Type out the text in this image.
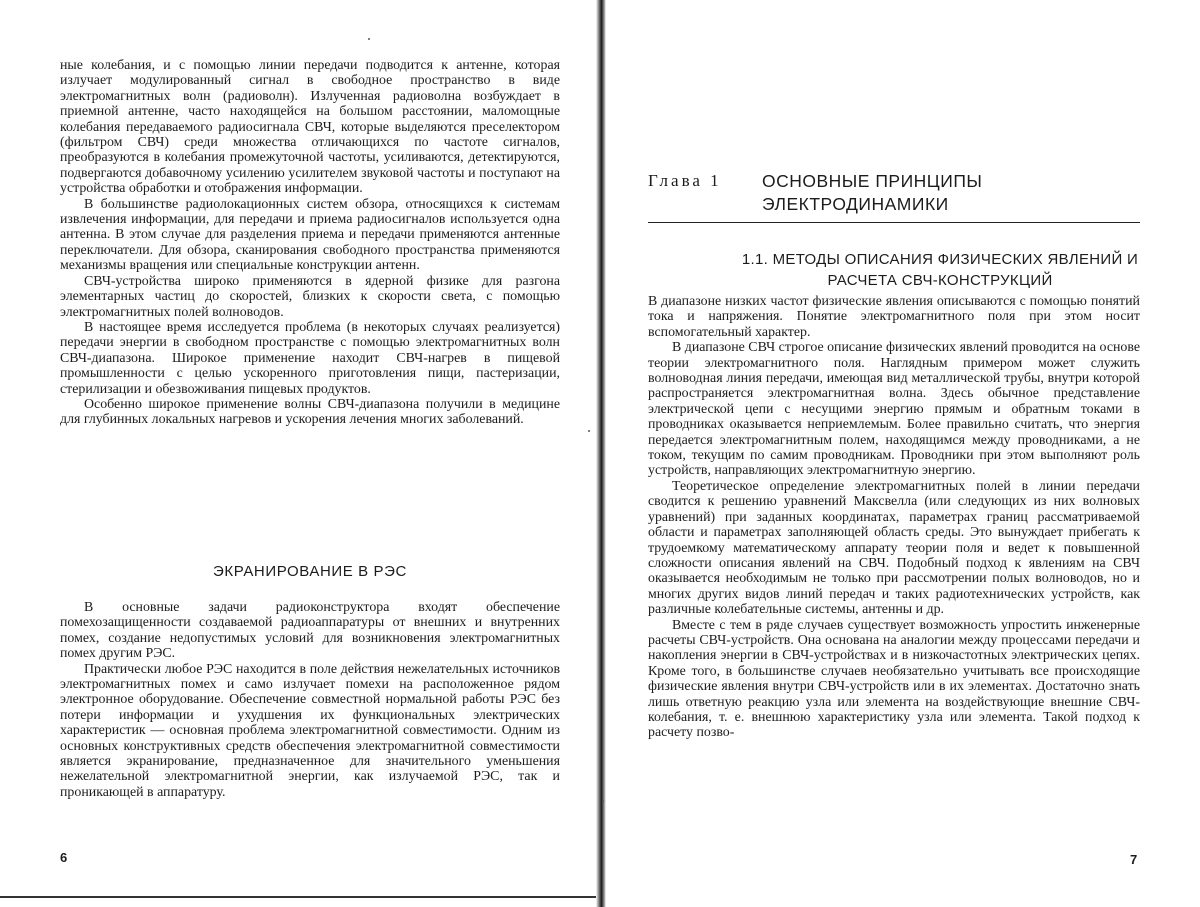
ные колебания, и с помощью линии передачи подводится к антенне, которая излучает модулированный сигнал в свободное пространство в виде электромагнитных волн (радиоволн). Излученная радиоволна возбуждает в приемной антенне, часто находящейся на большом расстоянии, маломощные колебания передаваемого радиосигнала СВЧ, которые выделяются преселектором (фильтром СВЧ) среди множества отличающихся по частоте сигналов, преобразуются в колебания промежуточной частоты, усиливаются, детектируются, подвергаются добавочному усилению усилителем звуковой частоты и поступают на устройства обработки и отображения информации.

В большинстве радиолокационных систем обзора, относящихся к системам извлечения информации, для передачи и приема радиосигналов используется одна антенна. В этом случае для разделения приема и передачи применяются антенные переключатели. Для обзора, сканирования свободного пространства применяются механизмы вращения или специальные конструкции антенн.

СВЧ-устройства широко применяются в ядерной физике для разгона элементарных частиц до скоростей, близких к скорости света, с помощью электромагнитных полей волноводов.

В настоящее время исследуется проблема (в некоторых случаях реализуется) передачи энергии в свободном пространстве с помощью электромагнитных волн СВЧ-диапазона. Широкое применение находит СВЧ-нагрев в пищевой промышленности с целью ускоренного приготовления пищи, пастеризации, стерилизации и обезвоживания пищевых продуктов.

Особенно широкое применение волны СВЧ-диапазона получили в медицине для глубинных локальных нагревов и ускорения лечения многих заболеваний.

ЭКРАНИРОВАНИЕ В РЭС

В основные задачи радиоконструктора входят обеспечение помехозащищенности создаваемой радиоаппаратуры от внешних и внутренних помех, создание недопустимых условий для возникновения электромагнитных помех другим РЭС.

Практически любое РЭС находится в поле действия нежелательных источников электромагнитных помех и само излучает помехи на расположенное рядом электронное оборудование. Обеспечение совместной нормальной работы РЭС без потери информации и ухудшения их функциональных электрических характеристик — основная проблема электромагнитной совместимости. Одним из основных конструктивных средств обеспечения электромагнитной совместимости является экранирование, предназначенное для значительного уменьшения нежелательной электромагнитной энергии, как излучаемой РЭС, так и проникающей в аппаратуру.

6
Глава 1 ОСНОВНЫЕ ПРИНЦИПЫ ЭЛЕКТРОДИНАМИКИ
1.1. МЕТОДЫ ОПИСАНИЯ ФИЗИЧЕСКИХ ЯВЛЕНИЙ И РАСЧЕТА СВЧ-КОНСТРУКЦИЙ

В диапазоне низких частот физические явления описываются с помощью понятий тока и напряжения. Понятие электромагнитного поля при этом носит вспомогательный характер.

В диапазоне СВЧ строгое описание физических явлений проводится на основе теории электромагнитного поля. Наглядным примером может служить волноводная линия передачи, имеющая вид металлической трубы, внутри которой распространяется электромагнитная волна. Здесь обычное представление электрической цепи с несущими энергию прямым и обратным токами в проводниках оказывается неприемлемым. Более правильно считать, что энергия передается электромагнитным полем, находящимся между проводниками, а не током, текущим по самим проводникам. Проводники при этом выполняют роль устройств, направляющих электромагнитную энергию.

Теоретическое определение электромагнитных полей в линии передачи сводится к решению уравнений Максвелла (или следующих из них волновых уравнений) при заданных координатах, параметрах границ рассматриваемой области и параметрах заполняющей область среды. Это вынуждает прибегать к трудоемкому математическому аппарату теории поля и ведет к повышенной сложности описания явлений на СВЧ. Подобный подход к явлениям на СВЧ оказывается необходимым не только при рассмотрении полых волноводов, но и многих других видов линий передач и таких радиотехнических устройств, как различные колебательные системы, антенны и др.

Вместе с тем в ряде случаев существует возможность упростить инженерные расчеты СВЧ-устройств. Она основана на аналогии между процессами передачи и накопления энергии в СВЧ-устройствах и в низкочастотных электрических цепях. Кроме того, в большинстве случаев необязательно учитывать все происходящие физические явления внутри СВЧ-устройств или в их элементах. Достаточно знать лишь ответную реакцию узла или элемента на воздействующие внешние СВЧ-колебания, т. е. внешнюю характеристику узла или элемента. Такой подход к расчету позво-

7
